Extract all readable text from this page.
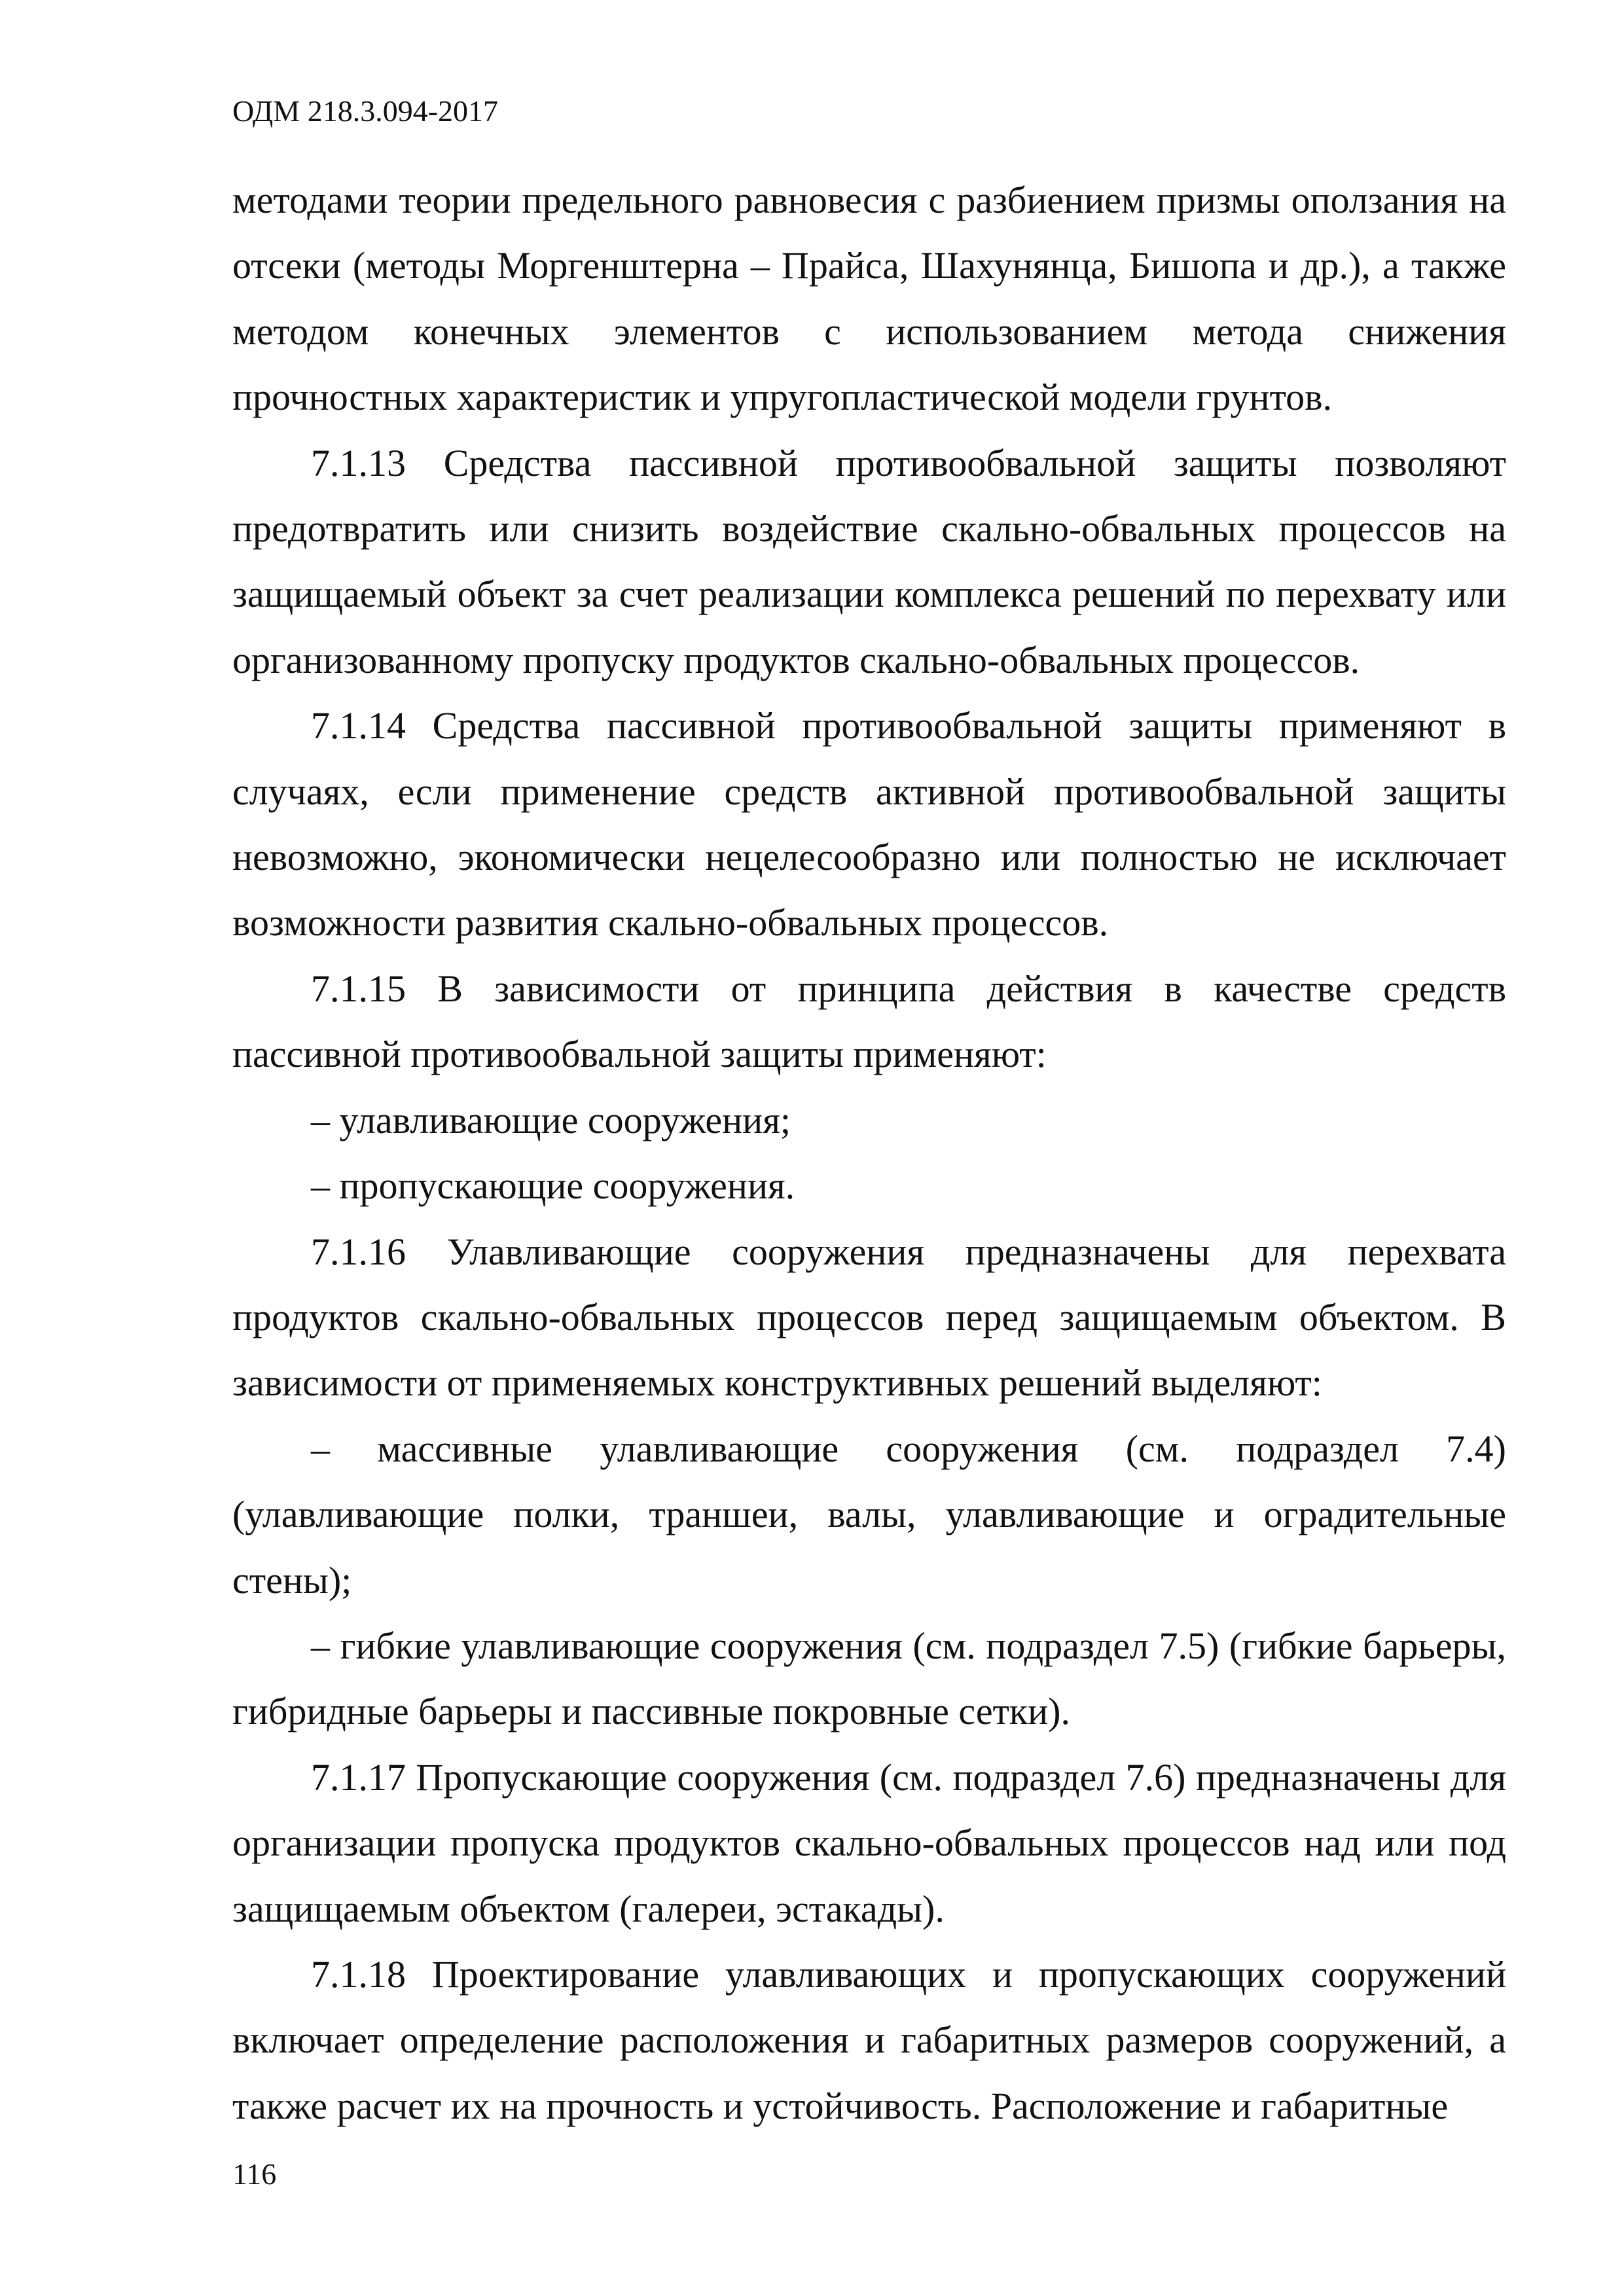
ОДМ 218.3.094-2017

методами теории предельного равновесия с разбиением призмы оползания на отсеки (методы Моргенштерна – Прайса, Шахунянца, Бишопа и др.), а также методом конечных элементов с использованием метода снижения прочностных характеристик и упругопластической модели грунтов.

7.1.13 Средства пассивной противообвальной защиты позволяют предотвратить или снизить воздействие скально-обвальных процессов на защищаемый объект за счет реализации комплекса решений по перехвату или организованному пропуску продуктов скально-обвальных процессов.

7.1.14 Средства пассивной противообвальной защиты применяют в случаях, если применение средств активной противообвальной защиты невозможно, экономически нецелесообразно или полностью не исключает возможности развития скально-обвальных процессов.

7.1.15 В зависимости от принципа действия в качестве средств пассивной противообвальной защиты применяют:

– улавливающие сооружения;

– пропускающие сооружения.

7.1.16 Улавливающие сооружения предназначены для перехвата продуктов скально-обвальных процессов перед защищаемым объектом. В зависимости от применяемых конструктивных решений выделяют:

– массивные улавливающие сооружения (см. подраздел 7.4) (улавливающие полки, траншеи, валы, улавливающие и оградительные стены);

– гибкие улавливающие сооружения (см. подраздел 7.5) (гибкие барьеры, гибридные барьеры и пассивные покровные сетки).

7.1.17 Пропускающие сооружения (см. подраздел 7.6) предназначены для организации пропуска продуктов скально-обвальных процессов над или под защищаемым объектом (галереи, эстакады).

7.1.18 Проектирование улавливающих и пропускающих сооружений включает определение расположения и габаритных размеров сооружений, а также расчет их на прочность и устойчивость. Расположение и габаритные

116
